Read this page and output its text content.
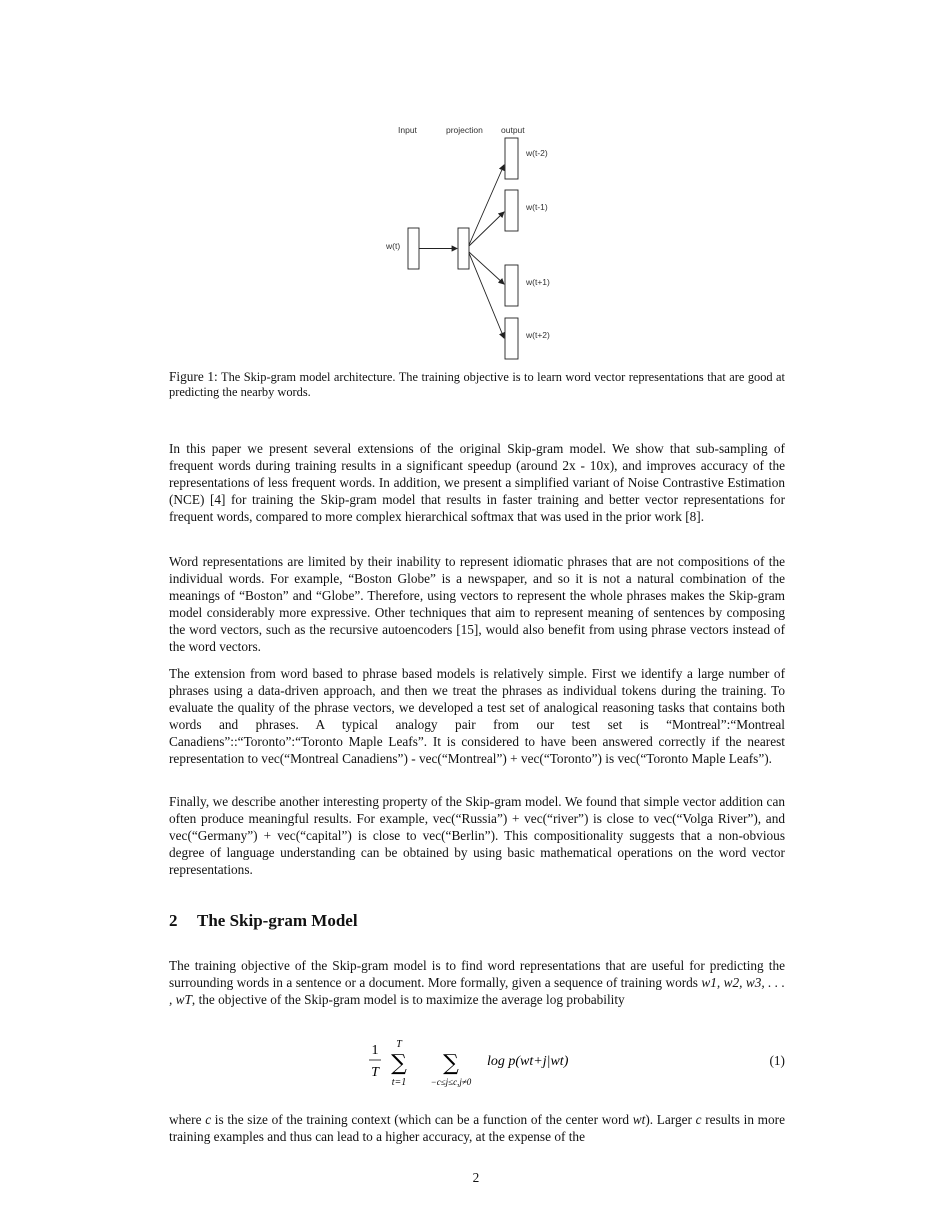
Input	projection output
w(t)
w(t-2)
w(t-1)
w(t+1)
w(t+2)
Figure 1: The Skip-gram model architecture. The training objective is to learn word vector representations that are good at predicting the nearby words.

In this paper we present several extensions of the original Skip-gram model. We show that sub-sampling of frequent words during training results in a significant speedup (around 2x - 10x), and improves accuracy of the representations of less frequent words. In addition, we present a simplified variant of Noise Contrastive Estimation (NCE) [4] for training the Skip-gram model that results in faster training and better vector representations for frequent words, compared to more complex hierarchical softmax that was used in the prior work [8].

Word representations are limited by their inability to represent idiomatic phrases that are not compositions of the individual words. For example, “Boston Globe” is a newspaper, and so it is not a natural combination of the meanings of “Boston” and “Globe”. Therefore, using vectors to represent the whole phrases makes the Skip-gram model considerably more expressive. Other techniques that aim to represent meaning of sentences by composing the word vectors, such as the recursive autoencoders [15], would also benefit from using phrase vectors instead of the word vectors.

The extension from word based to phrase based models is relatively simple. First we identify a large number of phrases using a data-driven approach, and then we treat the phrases as individual tokens during the training. To evaluate the quality of the phrase vectors, we developed a test set of analogical reasoning tasks that contains both words and phrases. A typical analogy pair from our test set is “Montreal”:“Montreal Canadiens”::“Toronto”:“Toronto Maple Leafs”. It is considered to have been answered correctly if the nearest representation to vec(“Montreal Canadiens”) - vec(“Montreal”) + vec(“Toronto”) is vec(“Toronto Maple Leafs”).

Finally, we describe another interesting property of the Skip-gram model. We found that simple vector addition can often produce meaningful results. For example, vec(“Russia”) + vec(“river”) is close to vec(“Volga River”), and vec(“Germany”) + vec(“capital”) is close to vec(“Berlin”). This compositionality suggests that a non-obvious degree of language understanding can be obtained by using basic mathematical operations on the word vector representations.

2 The Skip-gram Model

The training objective of the Skip-gram model is to find word representations that are useful for predicting the surrounding words in a sentence or a document. More formally, given a sequence of training words w1, w2, w3, . . . , wT, the objective of the Skip-gram model is to maximize the average log probability

1
T
T
∑
t=1
∑
−c≤j≤c,j≠0
log p(wt+j|wt)	(1)

where c is the size of the training context (which can be a function of the center word wt). Larger c results in more training examples and thus can lead to a higher accuracy, at the expense of the

2
